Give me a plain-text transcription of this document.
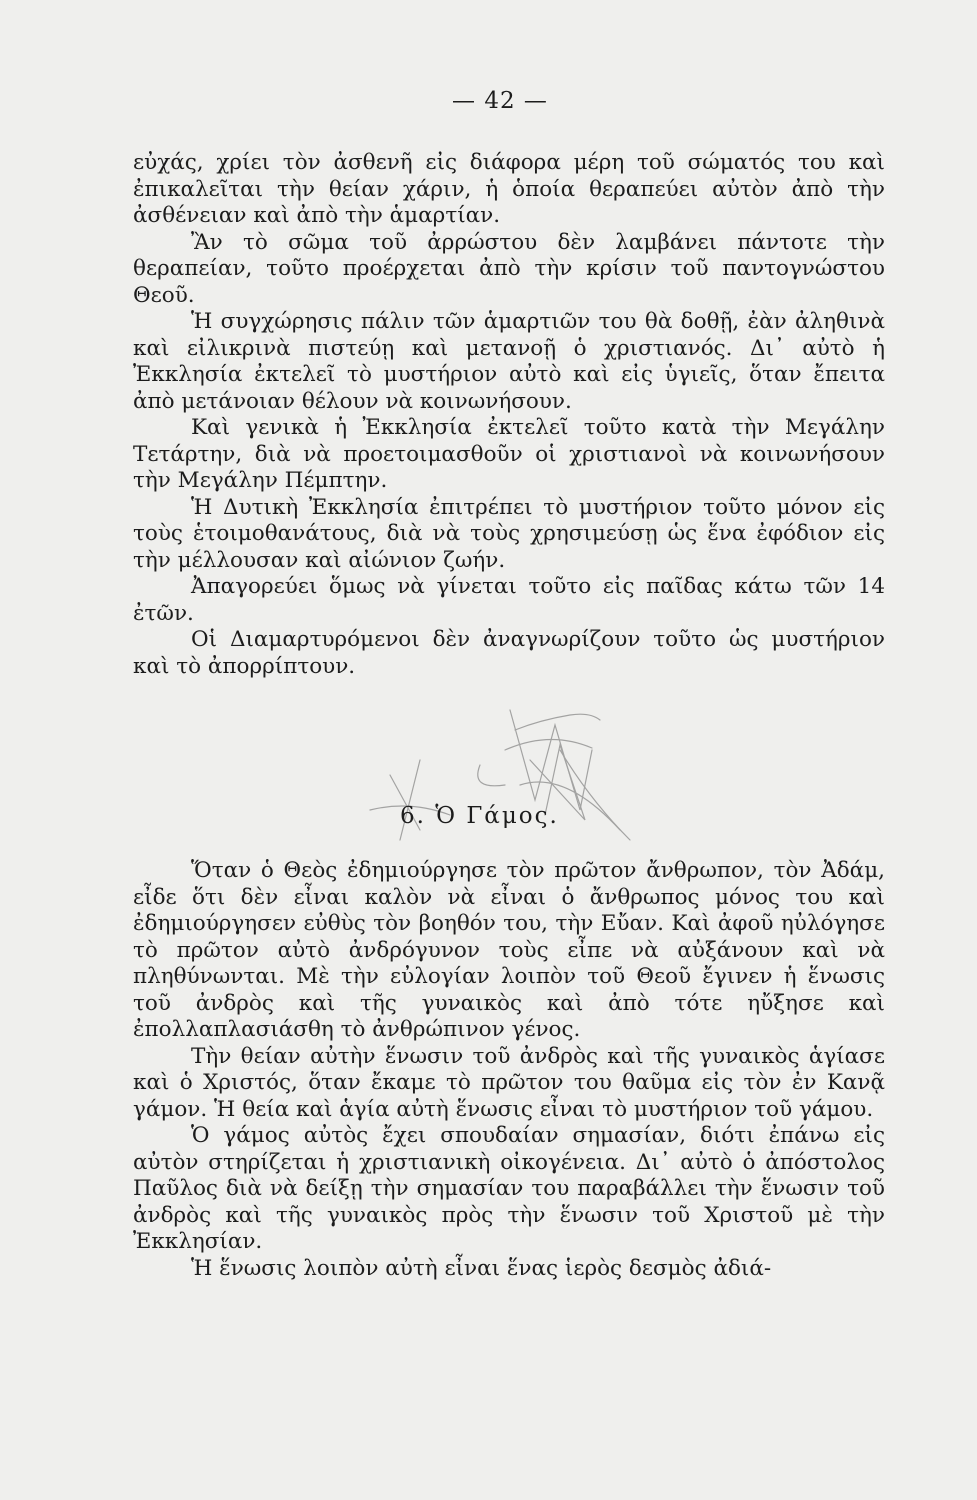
— 42 —

εὐχάς, χρίει τὸν ἀσθενῆ εἰς διάφορα μέρη τοῦ σώματός του καὶ ἐπικαλεῖται τὴν θείαν χάριν, ἡ ὁποία θεραπεύει αὐτὸν ἀπὸ τὴν ἀσθένειαν καὶ ἀπὸ τὴν ἁμαρτίαν.

Ἂν τὸ σῶμα τοῦ ἀρρώστου δὲν λαμβάνει πάντοτε τὴν θεραπείαν, τοῦτο προέρχεται ἀπὸ τὴν κρίσιν τοῦ παντογνώστου Θεοῦ.

Ἡ συγχώρησις πάλιν τῶν ἁμαρτιῶν του θὰ δοθῇ, ἐὰν ἀληθινὰ καὶ εἰλικρινὰ πιστεύῃ καὶ μετανοῇ ὁ χριστιανός. Δι᾿ αὐτὸ ἡ Ἐκκλησία ἐκτελεῖ τὸ μυστήριον αὐτὸ καὶ εἰς ὑγιεῖς, ὅταν ἔπειτα ἀπὸ μετάνοιαν θέλουν νὰ κοινωνήσουν.

Καὶ γενικὰ ἡ Ἐκκλησία ἐκτελεῖ τοῦτο κατὰ τὴν Μεγάλην Τετάρτην, διὰ νὰ προετοιμασθοῦν οἱ χριστιανοὶ νὰ κοινωνήσουν τὴν Μεγάλην Πέμπτην.

Ἡ Δυτικὴ Ἐκκλησία ἐπιτρέπει τὸ μυστήριον τοῦτο μόνον εἰς τοὺς ἑτοιμοθανάτους, διὰ νὰ τοὺς χρησιμεύσῃ ὡς ἕνα ἐφόδιον εἰς τὴν μέλλουσαν καὶ αἰώνιον ζωήν.

Ἀπαγορεύει ὅμως νὰ γίνεται τοῦτο εἰς παῖδας κάτω τῶν 14 ἐτῶν.

Οἱ Διαμαρτυρόμενοι δὲν ἀναγνωρίζουν τοῦτο ὡς μυστήριον καὶ τὸ ἀπορρίπτουν.

6. Ὁ Γάμος.

Ὅταν ὁ Θεὸς ἐδημιούργησε τὸν πρῶτον ἄνθρωπον, τὸν Ἀδάμ, εἶδε ὅτι δὲν εἶναι καλὸν νὰ εἶναι ὁ ἄνθρωπος μόνος του καὶ ἐδημιούργησεν εὐθὺς τὸν βοηθόν του, τὴν Εὔαν. Καὶ ἀφοῦ ηὐλόγησε τὸ πρῶτον αὐτὸ ἀνδρόγυνον τοὺς εἶπε νὰ αὐξάνουν καὶ νὰ πληθύνωνται. Μὲ τὴν εὐλογίαν λοιπὸν τοῦ Θεοῦ ἔγινεν ἡ ἕνωσις τοῦ ἀνδρὸς καὶ τῆς γυναικὸς καὶ ἀπὸ τότε ηὔξησε καὶ ἐπολλαπλασιάσθη τὸ ἀνθρώπινον γένος.

Τὴν θείαν αὐτὴν ἕνωσιν τοῦ ἀνδρὸς καὶ τῆς γυναικὸς ἁγίασε καὶ ὁ Χριστός, ὅταν ἔκαμε τὸ πρῶτον του θαῦμα εἰς τὸν ἐν Κανᾷ γάμον. Ἡ θεία καὶ ἁγία αὐτὴ ἕνωσις εἶναι τὸ μυστήριον τοῦ γάμου.

Ὁ γάμος αὐτὸς ἔχει σπουδαίαν σημασίαν, διότι ἐπάνω εἰς αὐτὸν στηρίζεται ἡ χριστιανικὴ οἰκογένεια. Δι᾿ αὐτὸ ὁ ἀπόστολος Παῦλος διὰ νὰ δείξῃ τὴν σημασίαν του παραβάλλει τὴν ἕνωσιν τοῦ ἀνδρὸς καὶ τῆς γυναικὸς πρὸς τὴν ἕνωσιν τοῦ Χριστοῦ μὲ τὴν Ἐκκλησίαν.

Ἡ ἕνωσις λοιπὸν αὐτὴ εἶναι ἕνας ἱερὸς δεσμὸς ἀδιά-
